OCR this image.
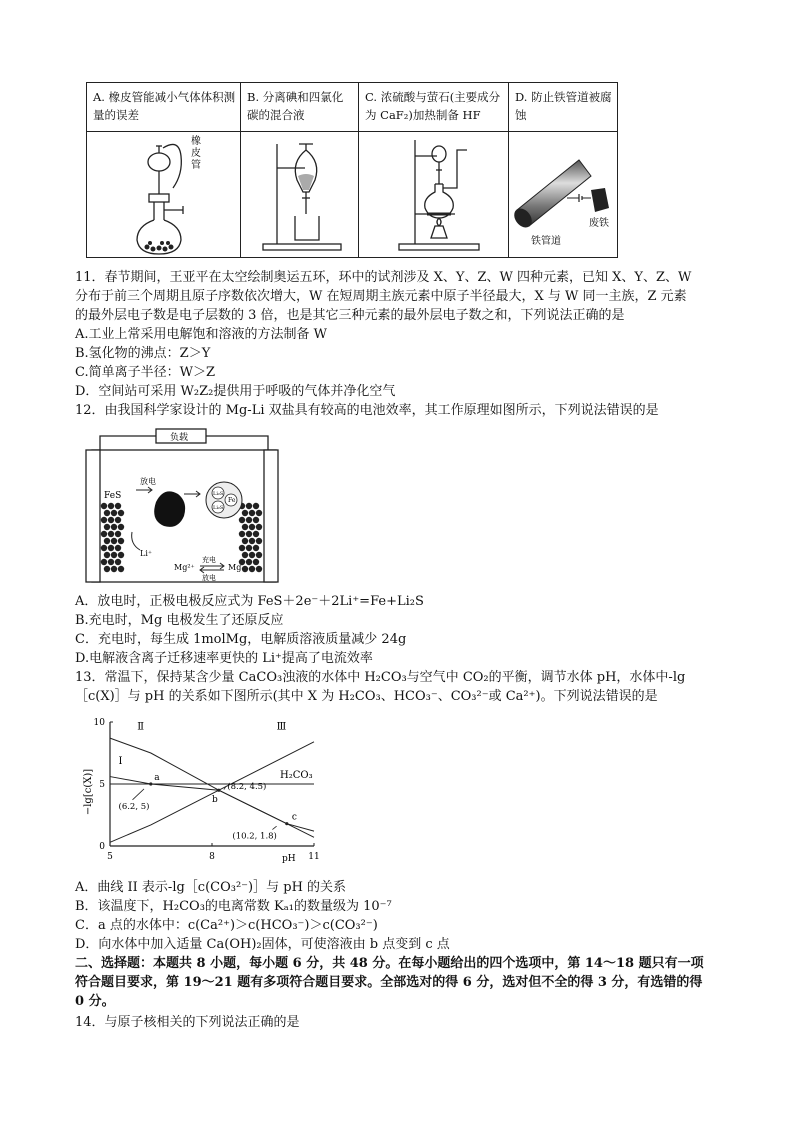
A. 橡皮管能减小气体体积测量的误差
橡皮管
B. 分离碘和四氯化碳的混合液
C. 浓硫酸与萤石(主要成分为 CaF₂)加热制备 HF
D. 防止铁管道被腐蚀
废铁
铁管道
11．春节期间，王亚平在太空绘制奥运五环，环中的试剂涉及 X、Y、Z、W 四种元素，已知 X、Y、Z、W
分布于前三个周期且原子序数依次增大，W 在短周期主族元素中原子半径最大，X 与 W 同一主族，Z 元素
的最外层电子数是电子层数的 3 倍，也是其它三种元素的最外层电子数之和，下列说法正确的是
A.工业上常采用电解饱和溶液的方法制备 W
B.氢化物的沸点：Z＞Y
C.简单离子半径：W＞Z
D．空间站可采用 W₂Z₂提供用于呼吸的气体并净化空气
12．由我国科学家设计的 Mg-Li 双盐具有较高的电池效率，其工作原理如图所示，下列说法错误的是
负载
FeS
放电
Li₂S
Li₂S
Fe
Li⁺
充电
放电
Mg²⁺	Mg
A．放电时，正极电极反应式为 FeS＋2e⁻＋2Li⁺=Fe+Li₂S
B.充电时，Mg 电极发生了还原反应
C．充电时，每生成 1molMg，电解质溶液质量减少 24g
D.电解液含离子迁移速率更快的 Li⁺提高了电流效率
13．常温下，保持某含少量 CaCO₃浊液的水体中 H₂CO₃与空气中 CO₂的平衡，调节水体 pH，水体中-lg
［c(X)］与 pH 的关系如下图所示(其中 X 为 H₂CO₃、HCO₃⁻、CO₃²⁻或 Ca²⁺)。下列说法错误的是
−lg[c(X)]
pH
5	8	11
0
5
10
Ⅰ
Ⅱ	Ⅲ
H₂CO₃
a
(6.2, 5)
b
(8.2, 4.5)
c
(10.2, 1.8)
A．曲线 II 表示-lg［c(CO₃²⁻)］与 pH 的关系
B．该温度下，H₂CO₃的电离常数 Kₐ₁的数量级为 10⁻⁷
C．a 点的水体中：c(Ca²⁺)＞c(HCO₃⁻)＞c(CO₃²⁻)
D．向水体中加入适量 Ca(OH)₂固体，可使溶液由 b 点变到 c 点
二、选择题：本题共 8 小题，每小题 6 分，共 48 分。在每小题给出的四个选项中，第 14～18 题只有一项
符合题目要求，第 19～21 题有多项符合题目要求。全部选对的得 6 分，选对但不全的得 3 分，有选错的得
0 分。
14．与原子核相关的下列说法正确的是
